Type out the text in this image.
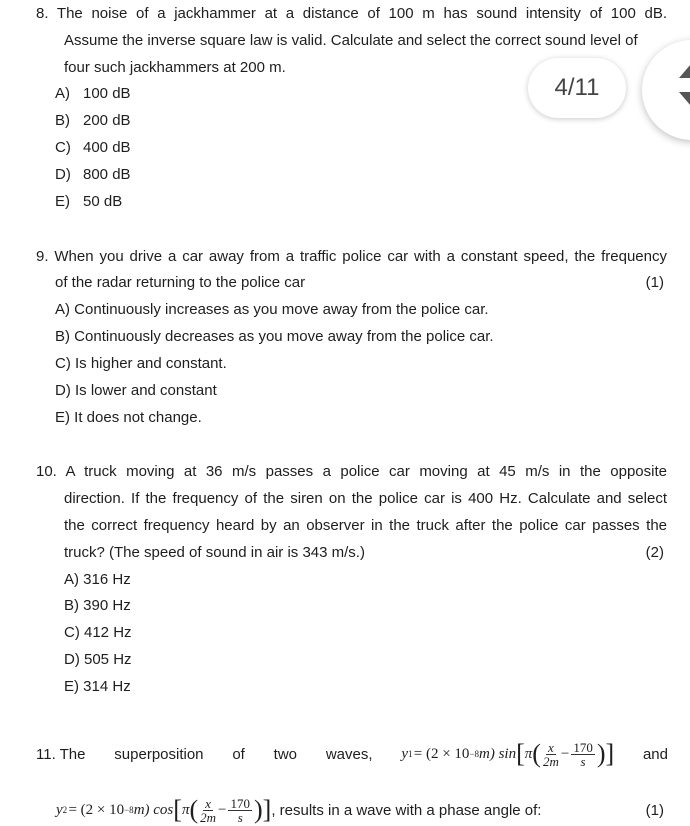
8. The noise of a jackhammer at a distance of 100 m has sound intensity of 100 dB.
Assume the inverse square law is valid. Calculate and select the correct sound level of
four such jackhammers at 200 m.
A) 100 dB
B) 200 dB
C) 400 dB
D) 800 dB
E) 50 dB
9. When you drive a car away from a traffic police car with a constant speed, the frequency
of the radar returning to the police car	(1)
A) Continuously increases as you move away from the police car.
B) Continuously decreases as you move away from the police car.
C) Is higher and constant.
D) Is lower and constant
E) It does not change.
10. A truck moving at 36 m/s passes a police car moving at 45 m/s in the opposite
direction. If the frequency of the siren on the police car is 400 Hz. Calculate and select
the correct frequency heard by an observer in the truck after the police car passes the
truck? (The speed of sound in air is 343 m/s.)	(2)
A) 316 Hz
B) 390 Hz
C) 412 Hz
D) 505 Hz
E) 314 Hz
11. The superposition of two waves, y 1
  = (2 × 10 −8 m) sin [ π ( $\frac{x}{2m} - \frac{170}{s}$ )] and
y 2
  = (2 × 10 −8 m) cos [ π ( $\frac{x}{2m} - \frac{170}{s}$ )] , results in a wave with a phase angle of:	(1)
4/11
